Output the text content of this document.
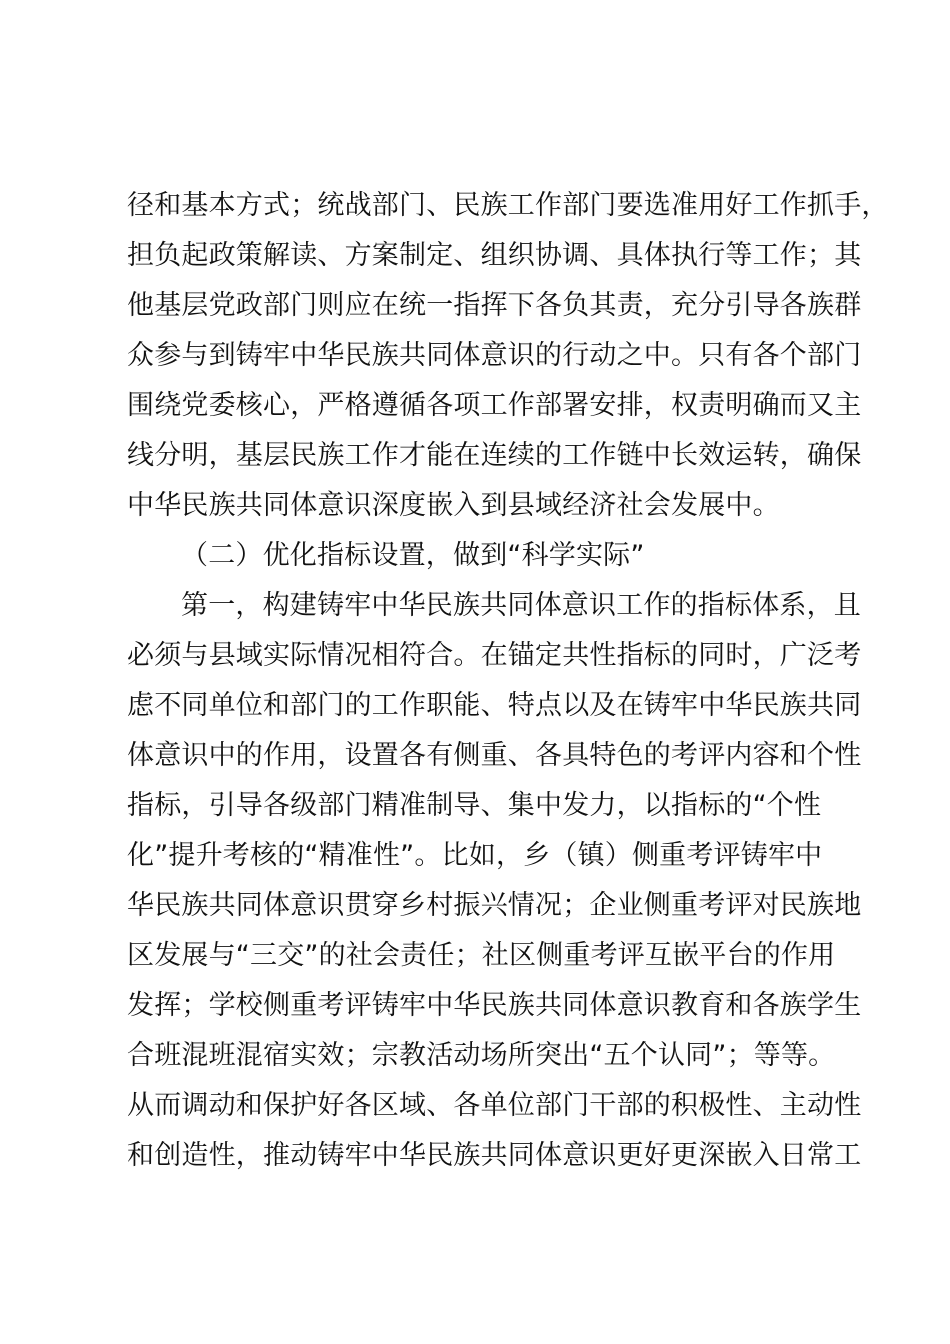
径和基本方式；统战部门、民族工作部门要选准用好工作抓手，
担负起政策解读、方案制定、组织协调、具体执行等工作；其
他基层党政部门则应在统一指挥下各负其责，充分引导各族群
众参与到铸牢中华民族共同体意识的行动之中。只有各个部门
围绕党委核心，严格遵循各项工作部署安排，权责明确而又主
线分明，基层民族工作才能在连续的工作链中长效运转，确保
中华民族共同体意识深度嵌入到县域经济社会发展中。
（二）优化指标设置，做到“科学实际”
第一，构建铸牢中华民族共同体意识工作的指标体系，且
必须与县域实际情况相符合。在锚定共性指标的同时，广泛考
虑不同单位和部门的工作职能、特点以及在铸牢中华民族共同
体意识中的作用，设置各有侧重、各具特色的考评内容和个性
指标，引导各级部门精准制导、集中发力，以指标的“个性
化”提升考核的“精准性”。比如，乡（镇）侧重考评铸牢中
华民族共同体意识贯穿乡村振兴情况；企业侧重考评对民族地
区发展与“三交”的社会责任；社区侧重考评互嵌平台的作用
发挥；学校侧重考评铸牢中华民族共同体意识教育和各族学生
合班混班混宿实效；宗教活动场所突出“五个认同”；等等。
从而调动和保护好各区域、各单位部门干部的积极性、主动性
和创造性，推动铸牢中华民族共同体意识更好更深嵌入日常工
